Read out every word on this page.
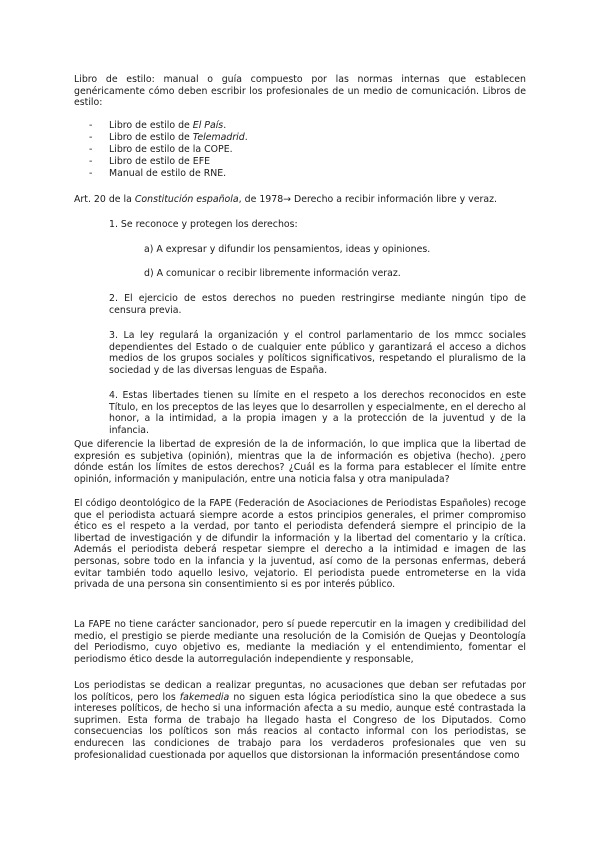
Libro de estilo: manual o guía compuesto por las normas internas que establecen genéricamente cómo deben escribir los profesionales de un medio de comunicación. Libros de estilo:

- Libro de estilo de El País.
- Libro de estilo de Telemadrid.
- Libro de estilo de la COPE.
- Libro de estilo de EFE
- Manual de estilo de RNE.

Art. 20 de la Constitución española, de 1978→ Derecho a recibir información libre y veraz.

1. Se reconoce y protegen los derechos:

a) A expresar y difundir los pensamientos, ideas y opiniones.

d) A comunicar o recibir libremente información veraz.

2. El ejercicio de estos derechos no pueden restringirse mediante ningún tipo de censura previa.

3. La ley regulará la organización y el control parlamentario de los mmcc sociales dependientes del Estado o de cualquier ente público y garantizará el acceso a dichos medios de los grupos sociales y políticos significativos, respetando el pluralismo de la sociedad y de las diversas lenguas de España.

4. Estas libertades tienen su límite en el respeto a los derechos reconocidos en este Título, en los preceptos de las leyes que lo desarrollen y especialmente, en el derecho al honor, a la intimidad, a la propia imagen y a la protección de la juventud y de la infancia.

Que diferencie la libertad de expresión de la de información, lo que implica que la libertad de expresión es subjetiva (opinión), mientras que la de información es objetiva (hecho). ¿pero dónde están los límites de estos derechos? ¿Cuál es la forma para establecer el límite entre opinión, información y manipulación, entre una noticia falsa y otra manipulada?

El código deontológico de la FAPE (Federación de Asociaciones de Periodistas Españoles) recoge que el periodista actuará siempre acorde a estos principios generales, el primer compromiso ético es el respeto a la verdad, por tanto el periodista defenderá siempre el principio de la libertad de investigación y de difundir la información y la libertad del comentario y la crítica. Además el periodista deberá respetar siempre el derecho a la intimidad e imagen de las personas, sobre todo en la infancia y la juventud, así como de la personas enfermas, deberá evitar también todo aquello lesivo, vejatorio. El periodista puede entrometerse en la vida privada de una persona sin consentimiento si es por interés público.

La FAPE no tiene carácter sancionador, pero sí puede repercutir en la imagen y credibilidad del medio, el prestigio se pierde mediante una resolución de la Comisión de Quejas y Deontología del Periodismo, cuyo objetivo es, mediante la mediación y el entendimiento, fomentar el periodismo ético desde la autorregulación independiente y responsable,

Los periodistas se dedican a realizar preguntas, no acusaciones que deban ser refutadas por los políticos, pero los fakemedia no siguen esta lógica periodística sino la que obedece a sus intereses políticos, de hecho si una información afecta a su medio, aunque esté contrastada la suprimen. Esta forma de trabajo ha llegado hasta el Congreso de los Diputados. Como consecuencias los políticos son más reacios al contacto informal con los periodistas, se endurecen las condiciones de trabajo para los verdaderos profesionales que ven su profesionalidad cuestionada por aquellos que distorsionan la información presentándose como
